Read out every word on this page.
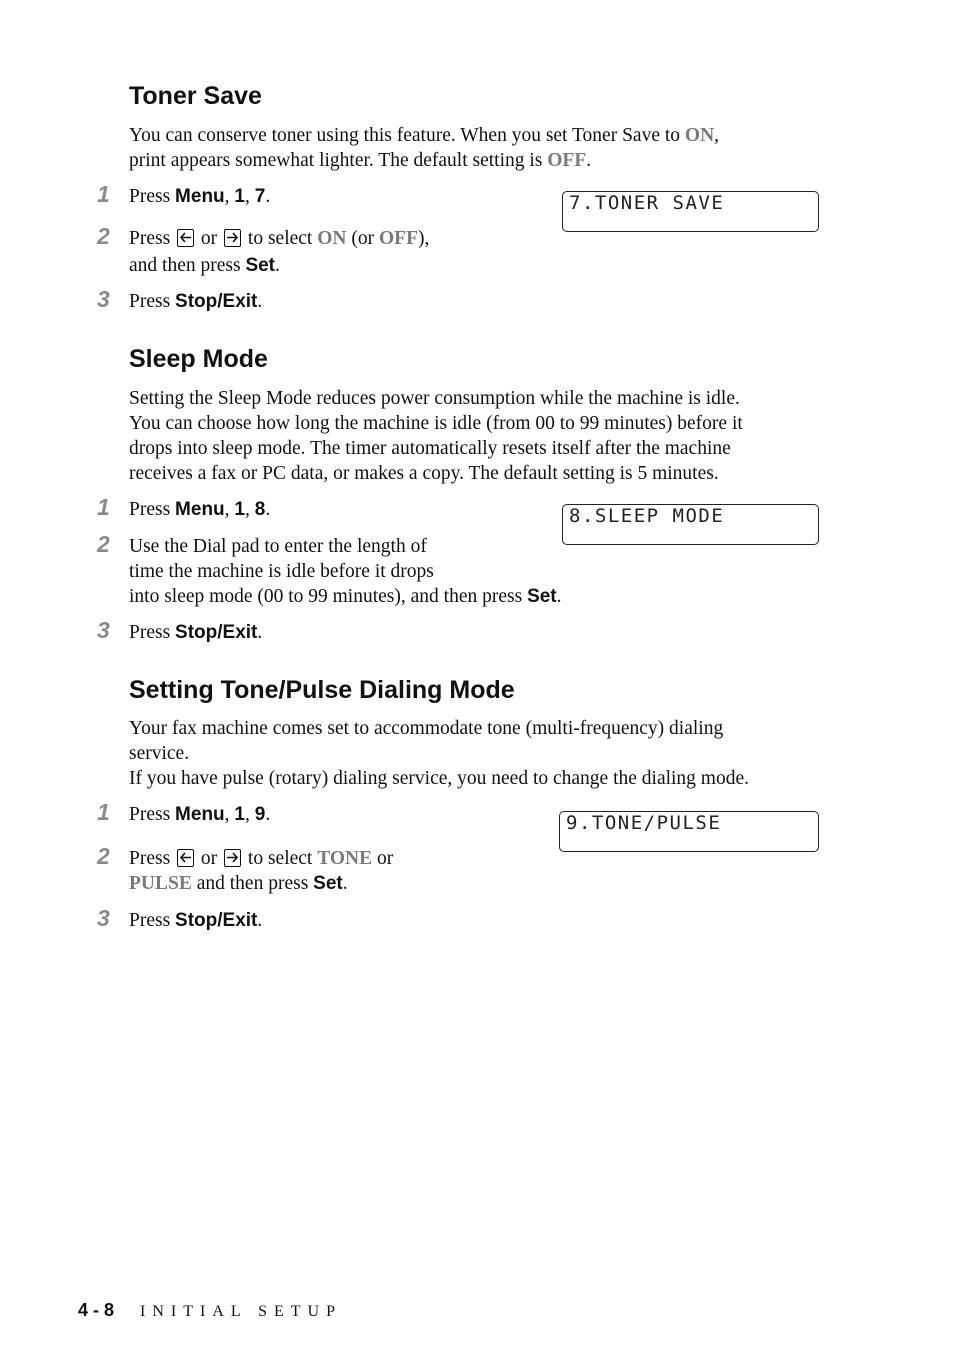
Toner Save
You can conserve toner using this feature. When you set Toner Save to ON,
print appears somewhat lighter. The default setting is OFF.
1 Press Menu, 1, 7.	7.TONER SAVE
2 Press or to select ON (or OFF),
and then press Set.
3 Press Stop/Exit.
Sleep Mode
Setting the Sleep Mode reduces power consumption while the machine is idle.
You can choose how long the machine is idle (from 00 to 99 minutes) before it
drops into sleep mode. The timer automatically resets itself after the machine
receives a fax or PC data, or makes a copy. The default setting is 5 minutes.
1 Press Menu, 1, 8.	8.SLEEP MODE
2 Use the Dial pad to enter the length of
time the machine is idle before it drops
into sleep mode (00 to 99 minutes), and then press Set.
3 Press Stop/Exit.
Setting Tone/Pulse Dialing Mode
Your fax machine comes set to accommodate tone (multi-frequency) dialing
service.
If you have pulse (rotary) dialing service, you need to change the dialing mode.
1 Press Menu, 1, 9.	9.TONE/PULSE
2 Press or to select TONE or
PULSE and then press Set.
3 Press Stop/Exit.
4 - 8 INITIAL SETUP
